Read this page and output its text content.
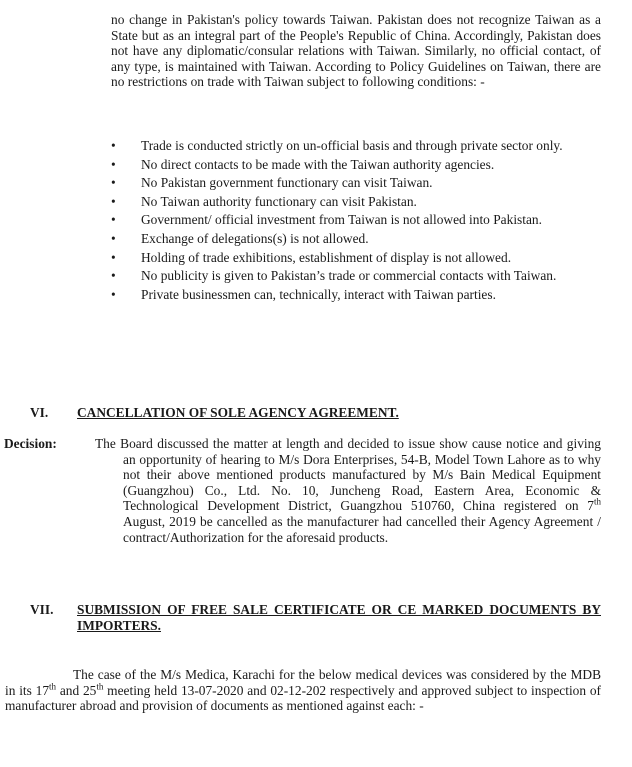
no change in Pakistan's policy towards Taiwan. Pakistan does not recognize Taiwan as a State but as an integral part of the People's Republic of China. Accordingly, Pakistan does not have any diplomatic/consular relations with Taiwan. Similarly, no official contact, of any type, is maintained with Taiwan. According to Policy Guidelines on Taiwan, there are no restrictions on trade with Taiwan subject to following conditions: -

• Trade is conducted strictly on un-official basis and through private sector only.
• No direct contacts to be made with the Taiwan authority agencies.
• No Pakistan government functionary can visit Taiwan.
• No Taiwan authority functionary can visit Pakistan.
• Government/ official investment from Taiwan is not allowed into Pakistan.
• Exchange of delegations(s) is not allowed.
• Holding of trade exhibitions, establishment of display is not allowed.
• No publicity is given to Pakistan’s trade or commercial contacts with Taiwan.
• Private businessmen can, technically, interact with Taiwan parties.
VI. CANCELLATION OF SOLE AGENCY AGREEMENT.
Decision:	The Board discussed the matter at length and decided to issue show cause notice and giving an opportunity of hearing to M/s Dora Enterprises, 54-B, Model Town Lahore as to why not their above mentioned products manufactured by M/s Bain Medical Equipment (Guangzhou) Co., Ltd. No. 10, Juncheng Road, Eastern Area, Economic & Technological Development District, Guangzhou 510760, China registered on 7th August, 2019 be cancelled as the manufacturer had cancelled their Agency Agreement / contract/Authorization for the aforesaid products.

VII. SUBMISSION OF FREE SALE CERTIFICATE OR CE MARKED DOCUMENTS BY IMPORTERS.

The case of the M/s Medica, Karachi for the below medical devices was considered by the MDB in its 17th and 25th meeting held 13-07-2020 and 02-12-202 respectively and approved subject to inspection of manufacturer abroad and provision of documents as mentioned against each: -
